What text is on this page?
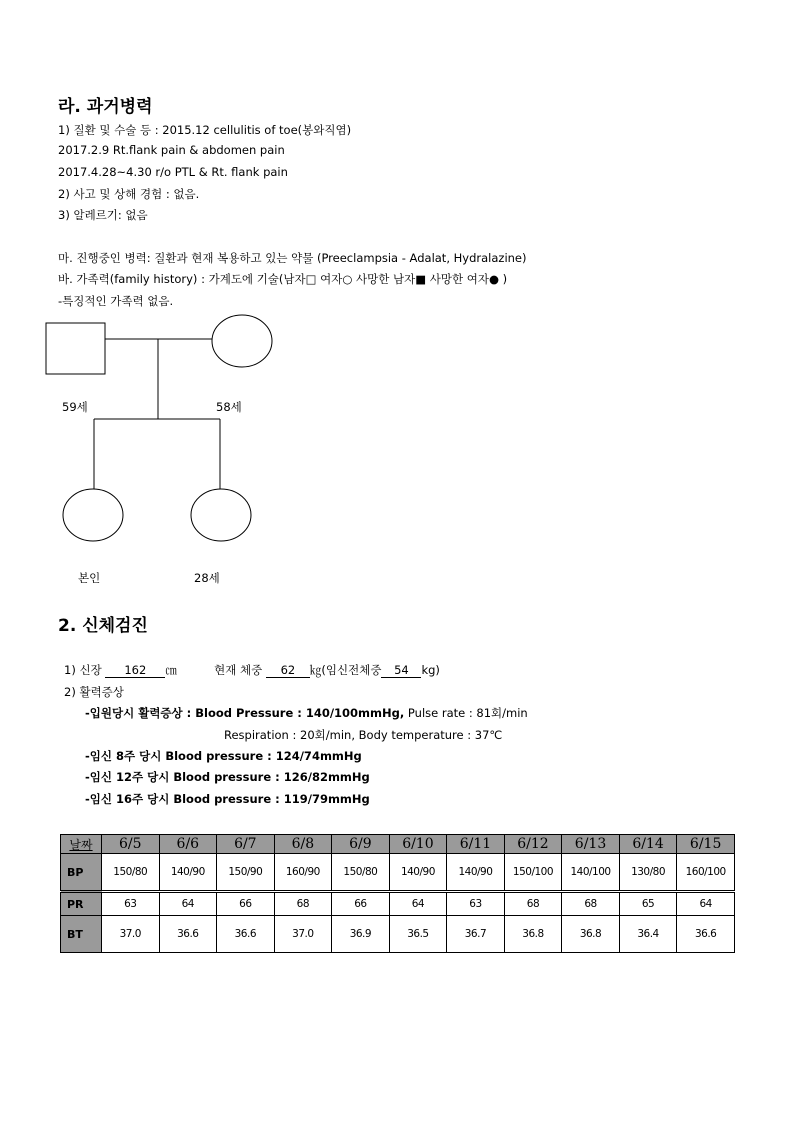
라. 과거병력
1) 질환 및 수술 등 : 2015.12 cellulitis of toe(봉와직염)
2017.2.9 Rt.flank pain & abdomen pain
2017.4.28~4.30 r/o PTL & Rt. flank pain
2) 사고 및 상해 경험 : 없음.
3) 알레르기: 없음
마. 진행중인 병력: 질환과 현재 복용하고 있는 약물 (Preeclampsia - Adalat, Hydralazine)
바. 가족력(family history) : 가계도에 기술(남자□ 여자○ 사망한 남자■ 사망한 여자● )
-특징적인 가족력 없음.
59세	58세
본인	28세
2. 신체검진
1) 신장 162 ㎝	현재 체중 62 ㎏(임신전체중 54 kg)
2) 활력증상
-입원당시 활력증상 : Blood Pressure : 140/100mmHg, Pulse rate : 81회/min
Respiration : 20회/min, Body temperature : 37℃
-임신 8주 당시 Blood pressure : 124/74mmHg
-임신 12주 당시 Blood pressure : 126/82mmHg
-임신 16주 당시 Blood pressure : 119/79mmHg
날짜	6/5	6/6	6/7	6/8	6/9	6/10	6/11	6/12	6/13	6/14	6/15
BP	150/80	140/90	150/90	160/90	150/80	140/90	140/90	150/100	140/100	130/80	160/100
PR	63	64	66	68	66	64	63	68	68	65	64
BT	37.0	36.6	36.6	37.0	36.9	36.5	36.7	36.8	36.8	36.4	36.6
